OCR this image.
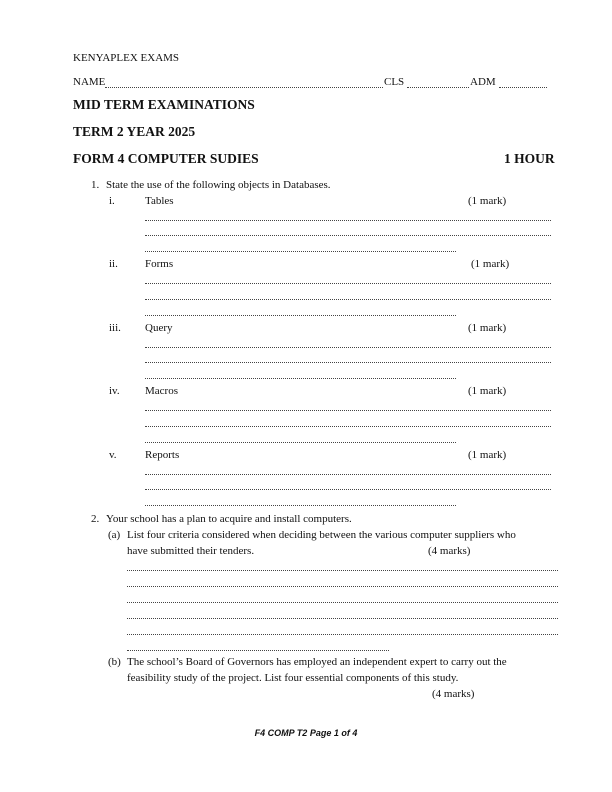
KENYAPLEX EXAMS
NAME	CLS	ADM
MID TERM EXAMINATIONS
TERM 2 YEAR 2025
FORM 4 COMPUTER SUDIES	1 HOUR
1. State the use of the following objects in Databases.
i.	Tables	(1 mark)
ii. Forms	(1 mark)
iii. Query	(1 mark)
iv. Macros	(1 mark)
v.	Reports	(1 mark)
2. Your school has a plan to acquire and install computers.
(a) List four criteria considered when deciding between the various computer suppliers who
have submitted their tenders.	(4 marks)
(b) The school’s Board of Governors has employed an independent expert to carry out the
feasibility study of the project. List four essential components of this study.
(4 marks)
F4 COMP T2 Page 1 of 4
